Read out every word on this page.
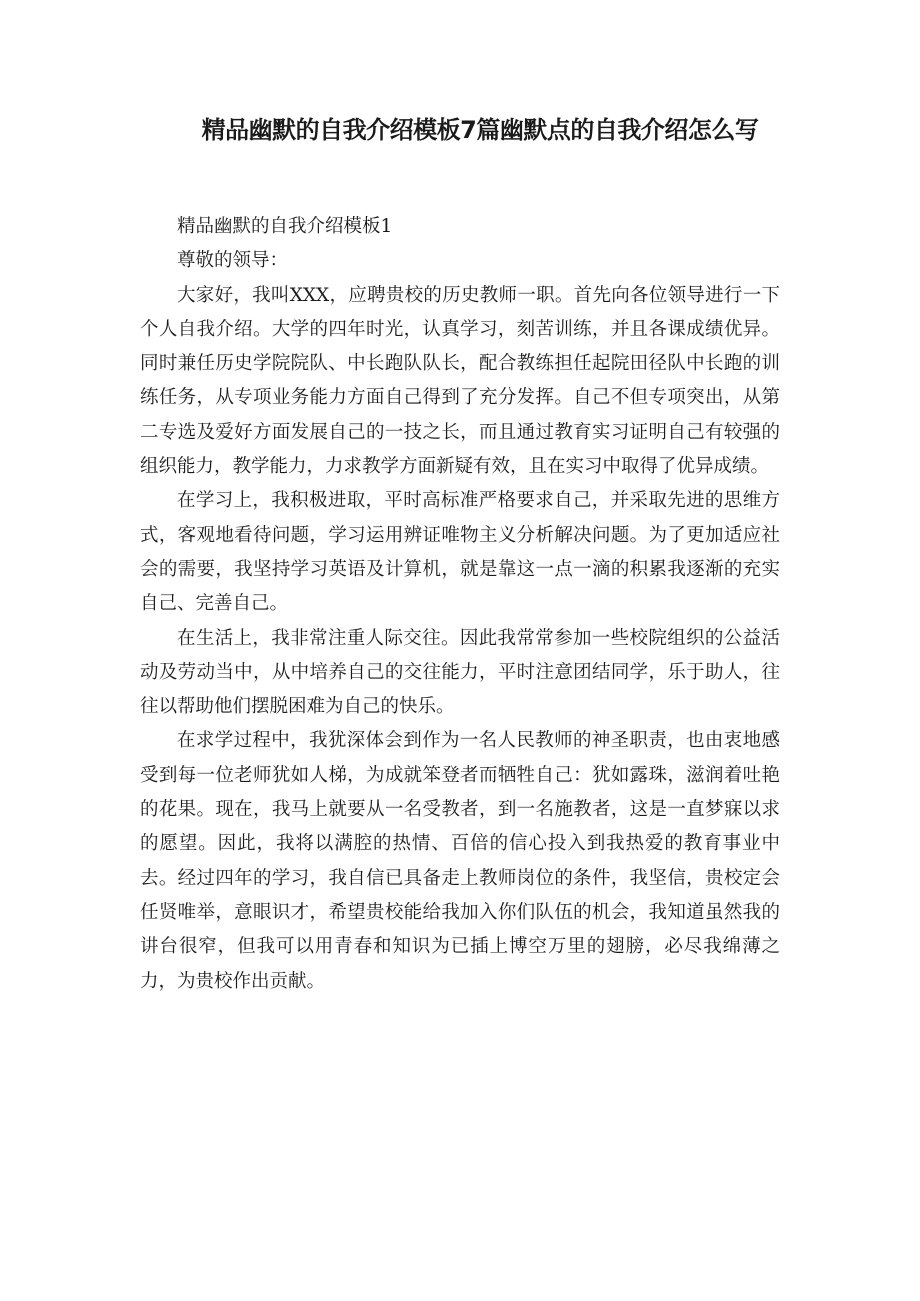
精品幽默的自我介绍模板7篇幽默点的自我介绍怎么写

精品幽默的自我介绍模板1

尊敬的领导：

大家好，我叫XXX，应聘贵校的历史教师一职。首先向各位领导进行一下个人自我介绍。大学的四年时光，认真学习，刻苦训练，并且各课成绩优异。同时兼任历史学院院队、中长跑队队长，配合教练担任起院田径队中长跑的训练任务，从专项业务能力方面自己得到了充分发挥。自己不但专项突出，从第二专选及爱好方面发展自己的一技之长，而且通过教育实习证明自己有较强的组织能力，教学能力，力求教学方面新疑有效，且在实习中取得了优异成绩。

在学习上，我积极进取，平时高标准严格要求自己，并采取先进的思维方式，客观地看待问题，学习运用辨证唯物主义分析解决问题。为了更加适应社会的需要，我坚持学习英语及计算机，就是靠这一点一滴的积累我逐渐的充实自己、完善自己。

在生活上，我非常注重人际交往。因此我常常参加一些校院组织的公益活动及劳动当中，从中培养自己的交往能力，平时注意团结同学，乐于助人，往往以帮助他们摆脱困难为自己的快乐。

在求学过程中，我犹深体会到作为一名人民教师的神圣职责，也由衷地感受到每一位老师犹如人梯，为成就笨登者而牺牲自己：犹如露珠，滋润着吐艳的花果。现在，我马上就要从一名受教者，到一名施教者，这是一直梦寐以求的愿望。因此，我将以满腔的热情、百倍的信心投入到我热爱的教育事业中去。经过四年的学习，我自信已具备走上教师岗位的条件，我坚信，贵校定会任贤唯举，意眼识才，希望贵校能给我加入你们队伍的机会，我知道虽然我的讲台很窄，但我可以用青春和知识为已插上博空万里的翅膀，必尽我绵薄之力，为贵校作出贡献。
